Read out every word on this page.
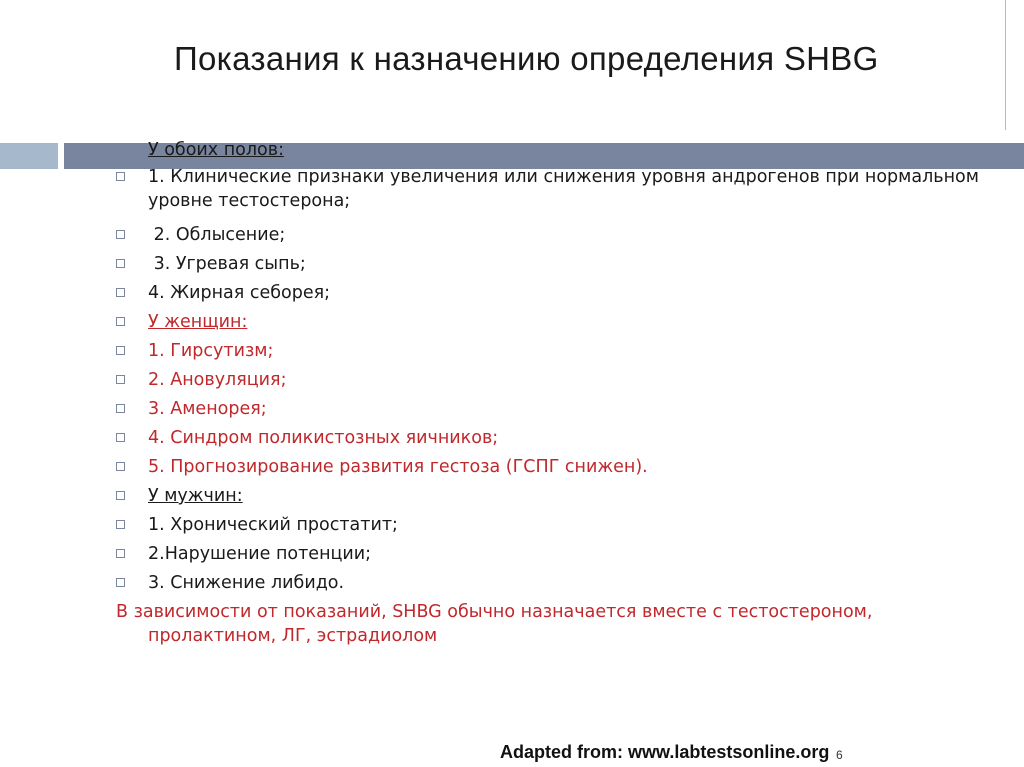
Показания к назначению определения SHBG
У обоих полов:
1. Клинические признаки увеличения или снижения уровня андрогенов при нормальном уровне тестостерона;
2. Облысение;
3. Угревая сыпь;
4. Жирная себорея;
У женщин:
1. Гирсутизм;
2. Ановуляция;
3. Аменорея;
4. Синдром поликистозных яичников;
5. Прогнозирование развития гестоза (ГСПГ снижен).
У мужчин:
1. Хронический простатит;
2.Нарушение потенции;
3. Снижение либидо.
В зависимости от показаний, SHBG обычно назначается вместе с тестостероном, пролактином, ЛГ, эстрадиолом
Adapted from: www.labtestsonline.org 6
